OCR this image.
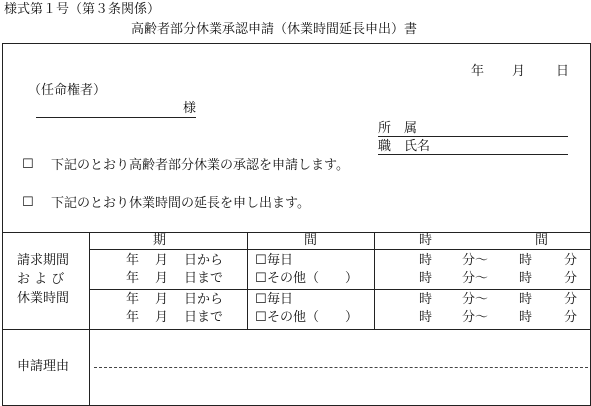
様式第１号（第３条関係）
高齢者部分休業承認申請（休業時間延長申出）書
年 月 日
（任命権者）
様
所　属
職　氏名
☐ 下記のとおり高齢者部分休業の承認を申請します。
☐ 下記のとおり休業時間の延長を申し出ます。
期	間	時	間
請求期間
お よ び
休業時間
年 月 日から ☐ 毎日	時 分～ 時 分
年 月 日まで ☐ その他（　　）	時 分～ 時 分
年 月 日から ☐ 毎日	時 分～ 時 分
年 月 日まで ☐ その他（　　）	時 分～ 時 分
申請理由
